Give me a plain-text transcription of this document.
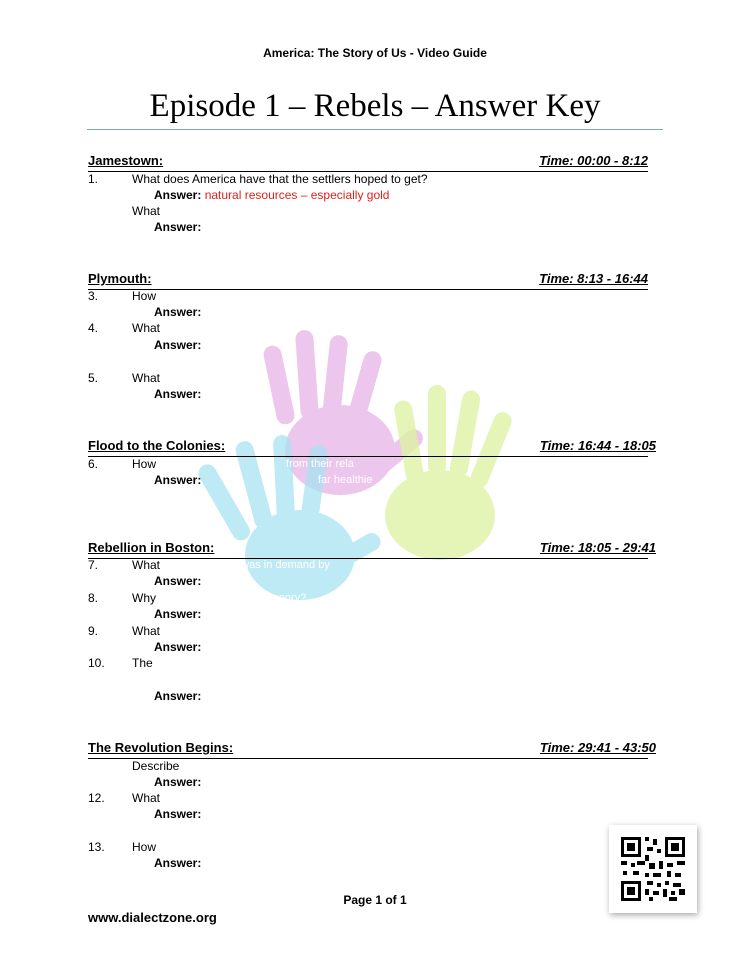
America: The Story of Us - Video Guide
Episode 1 – Rebels – Answer Key
Jamestown:	Time: 00:00 - 8:12
1.	What does America have that the settlers hoped to get?
Answer: natural resources – especially gold
What
Answer:
Plymouth:	Time: 8:13 - 16:44
3.	How
Answer:
4.	What
Answer:
5.	What
Answer:
Flood to the Colonies:	Time: 16:44 - 18:05
6.	How
Answer:
from their rela
far healthie
Rebellion in Boston:	Time: 18:05 - 29:41
7.	What	e was in demand by
Answer:
8.	Why	so angry?
Answer:
9.	What
Answer:
10. The
Answer:
The Revolution Begins:	Time: 29:41 - 43:50
Describe
Answer:
12. What
Answer:
13. How
Answer:
Page 1 of 1
www.dialectzone.org
